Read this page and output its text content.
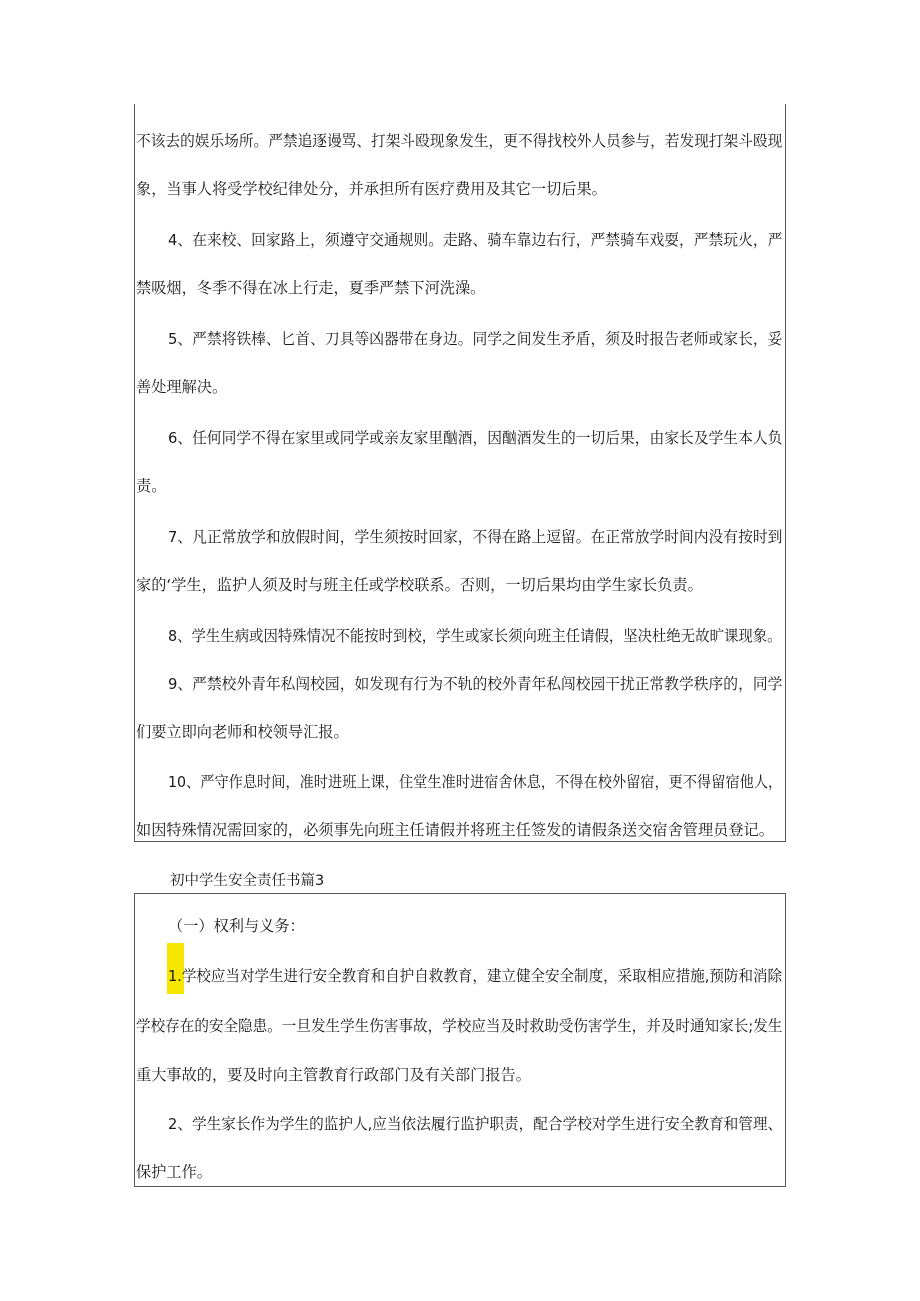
不该去的娱乐场所。严禁追逐谩骂、打架斗殴现象发生，更不得找校外人员参与，若发现打架斗殴现

象，当事人将受学校纪律处分，并承担所有医疗费用及其它一切后果。

4、在来校、回家路上，须遵守交通规则。走路、骑车靠边右行，严禁骑车戏耍，严禁玩火，严

禁吸烟，冬季不得在冰上行走，夏季严禁下河洗澡。

5、严禁将铁棒、匕首、刀具等凶器带在身边。同学之间发生矛盾，须及时报告老师或家长，妥

善处理解决。

6、任何同学不得在家里或同学或亲友家里酗酒，因酗酒发生的一切后果，由家长及学生本人负

责。

7、凡正常放学和放假时间，学生须按时回家，不得在路上逗留。在正常放学时间内没有按时到

家的‘学生，监护人须及时与班主任或学校联系。否则，一切后果均由学生家长负责。

8、学生生病或因特殊情况不能按时到校，学生或家长须向班主任请假，坚决杜绝无故旷课现象。

9、严禁校外青年私闯校园，如发现有行为不轨的校外青年私闯校园干扰正常教学秩序的，同学

们要立即向老师和校领导汇报。

10、严守作息时间，准时进班上课，住堂生准时进宿舍休息，不得在校外留宿，更不得留宿他人，

如因特殊情况需回家的，必须事先向班主任请假并将班主任签发的请假条送交宿舍管理员登记。

初中学生安全责任书篇3

（一）权利与义务：

1.学校应当对学生进行安全教育和自护自救教育，建立健全安全制度，采取相应措施,预防和消除

学校存在的安全隐患。一旦发生学生伤害事故，学校应当及时救助受伤害学生，并及时通知家长;发生

重大事故的，要及时向主管教育行政部门及有关部门报告。

2、学生家长作为学生的监护人,应当依法履行监护职责，配合学校对学生进行安全教育和管理、

保护工作。
